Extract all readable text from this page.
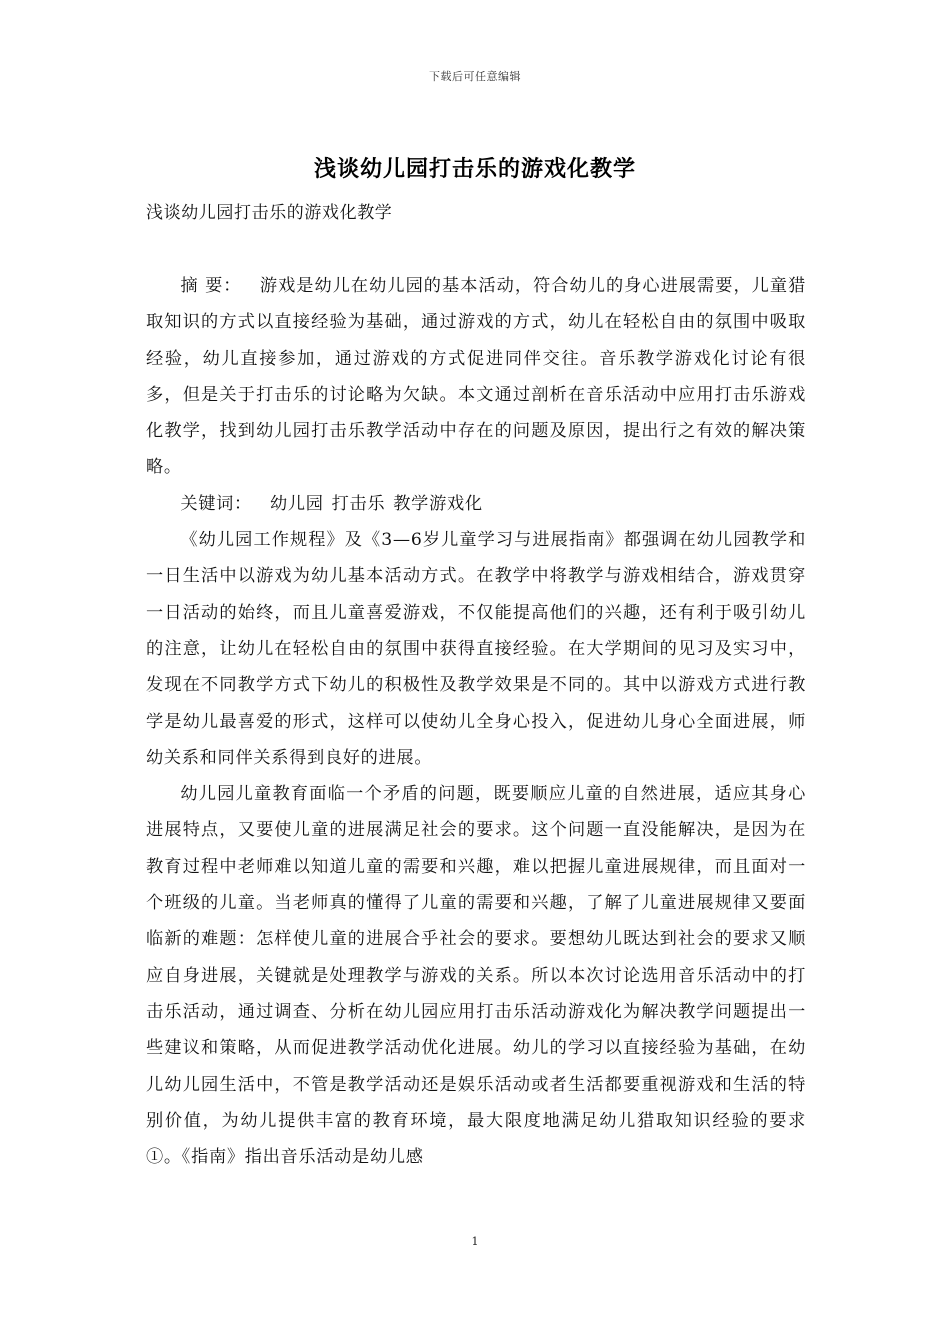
下载后可任意编辑
浅谈幼儿园打击乐的游戏化教学
浅谈幼儿园打击乐的游戏化教学

摘 要： 游戏是幼儿在幼儿园的基本活动，符合幼儿的身心进展需要，儿童猎取知识的方式以直接经验为基础，通过游戏的方式，幼儿在轻松自由的氛围中吸取经验，幼儿直接参加，通过游戏的方式促进同伴交往。音乐教学游戏化讨论有很多，但是关于打击乐的讨论略为欠缺。本文通过剖析在音乐活动中应用打击乐游戏化教学，找到幼儿园打击乐教学活动中存在的问题及原因，提出行之有效的解决策略。

关键词： 幼儿园 打击乐 教学游戏化

《幼儿园工作规程》及《3—6岁儿童学习与进展指南》都强调在幼儿园教学和一日生活中以游戏为幼儿基本活动方式。在教学中将教学与游戏相结合，游戏贯穿一日活动的始终，而且儿童喜爱游戏，不仅能提高他们的兴趣，还有利于吸引幼儿的注意，让幼儿在轻松自由的氛围中获得直接经验。在大学期间的见习及实习中，发现在不同教学方式下幼儿的积极性及教学效果是不同的。其中以游戏方式进行教学是幼儿最喜爱的形式，这样可以使幼儿全身心投入，促进幼儿身心全面进展，师幼关系和同伴关系得到良好的进展。

幼儿园儿童教育面临一个矛盾的问题，既要顺应儿童的自然进展，适应其身心进展特点，又要使儿童的进展满足社会的要求。这个问题一直没能解决，是因为在教育过程中老师难以知道儿童的需要和兴趣，难以把握儿童进展规律，而且面对一个班级的儿童。当老师真的懂得了儿童的需要和兴趣，了解了儿童进展规律又要面临新的难题：怎样使儿童的进展合乎社会的要求。要想幼儿既达到社会的要求又顺应自身进展，关键就是处理教学与游戏的关系。所以本次讨论选用音乐活动中的打击乐活动，通过调查、分析在幼儿园应用打击乐活动游戏化为解决教学问题提出一些建议和策略，从而促进教学活动优化进展。幼儿的学习以直接经验为基础，在幼儿幼儿园生活中，不管是教学活动还是娱乐活动或者生活都要重视游戏和生活的特别价值，为幼儿提供丰富的教育环境，最大限度地满足幼儿猎取知识经验的要求①。《指南》指出音乐活动是幼儿感

1
